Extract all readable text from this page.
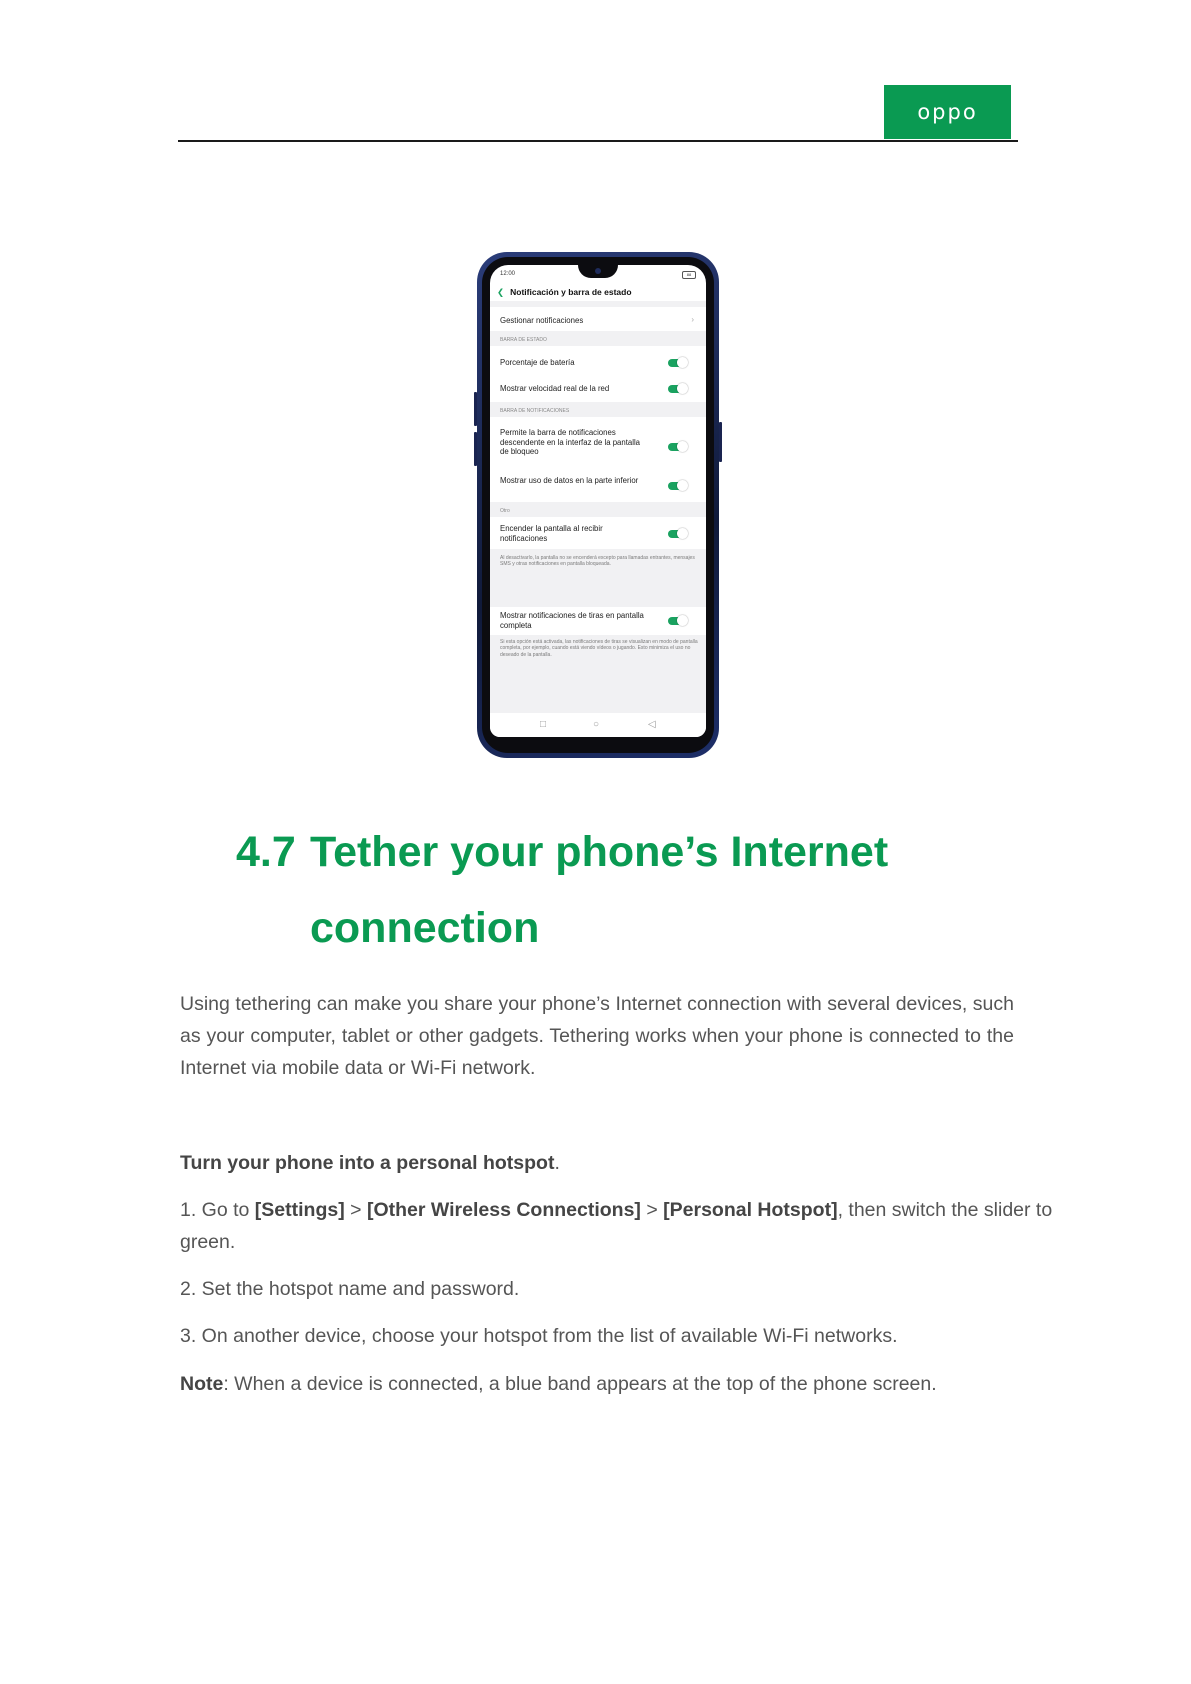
oppo
12:00	88
❮ Notificación y barra de estado
Gestionar notificaciones	›
BARRA DE ESTADO
Porcentaje de batería
Mostrar velocidad real de la red
BARRA DE NOTIFICACIONES
Permite la barra de notificaciones descendente en la interfaz de la pantalla de bloqueo
Mostrar uso de datos en la parte inferior
Otro
Encender la pantalla al recibir notificaciones
Al desactivarlo, la pantalla no se encenderá excepto para llamadas entrantes, mensajes SMS y otras notificaciones en pantalla bloqueada.
Mostrar notificaciones de tiras en pantalla completa
Si esta opción está activada, las notificaciones de tiras se visualizan en modo de pantalla completa, por ejemplo, cuando está viendo vídeos o jugando. Esto minimiza el uso no deseado de la pantalla.
□	○	◁
4.7 Tether your phone’s Internet
connection
Using tethering can make you share your phone’s Internet connection with several devices, such as your computer, tablet or other gadgets. Tethering works when your phone is connected to the Internet via mobile data or Wi-Fi network.
Turn your phone into a personal hotspot.
1. Go to [Settings] > [Other Wireless Connections] > [Personal Hotspot], then switch the slider to
green.
2. Set the hotspot name and password.
3. On another device, choose your hotspot from the list of available Wi-Fi networks.
Note: When a device is connected, a blue band appears at the top of the phone screen.
